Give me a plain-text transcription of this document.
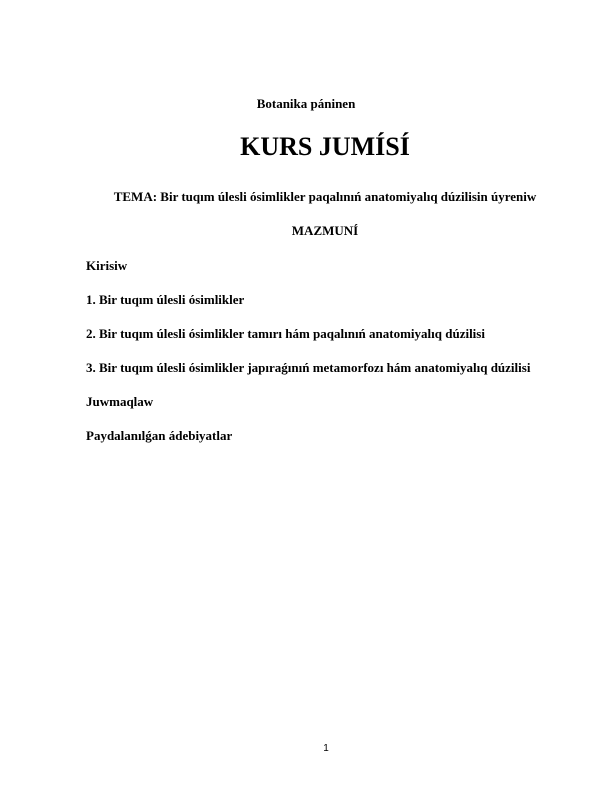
Botanika páninen
KURS JUMÍSÍ
TEMA: Bir tuqım úlesli ósimlikler paqalınıń anatomiyalıq dúzilisin úyreniw
MAZMUNÍ
Kirisiw
1. Bir tuqım úlesli ósimlikler
2. Bir tuqım úlesli ósimlikler tamırı hám paqalınıń anatomiyalıq dúzilisi
3. Bir tuqım úlesli ósimlikler japıraǵınıń metamorfozı hám anatomiyalıq dúzilisi
Juwmaqlaw
Paydalanılǵan ádebiyatlar
1
